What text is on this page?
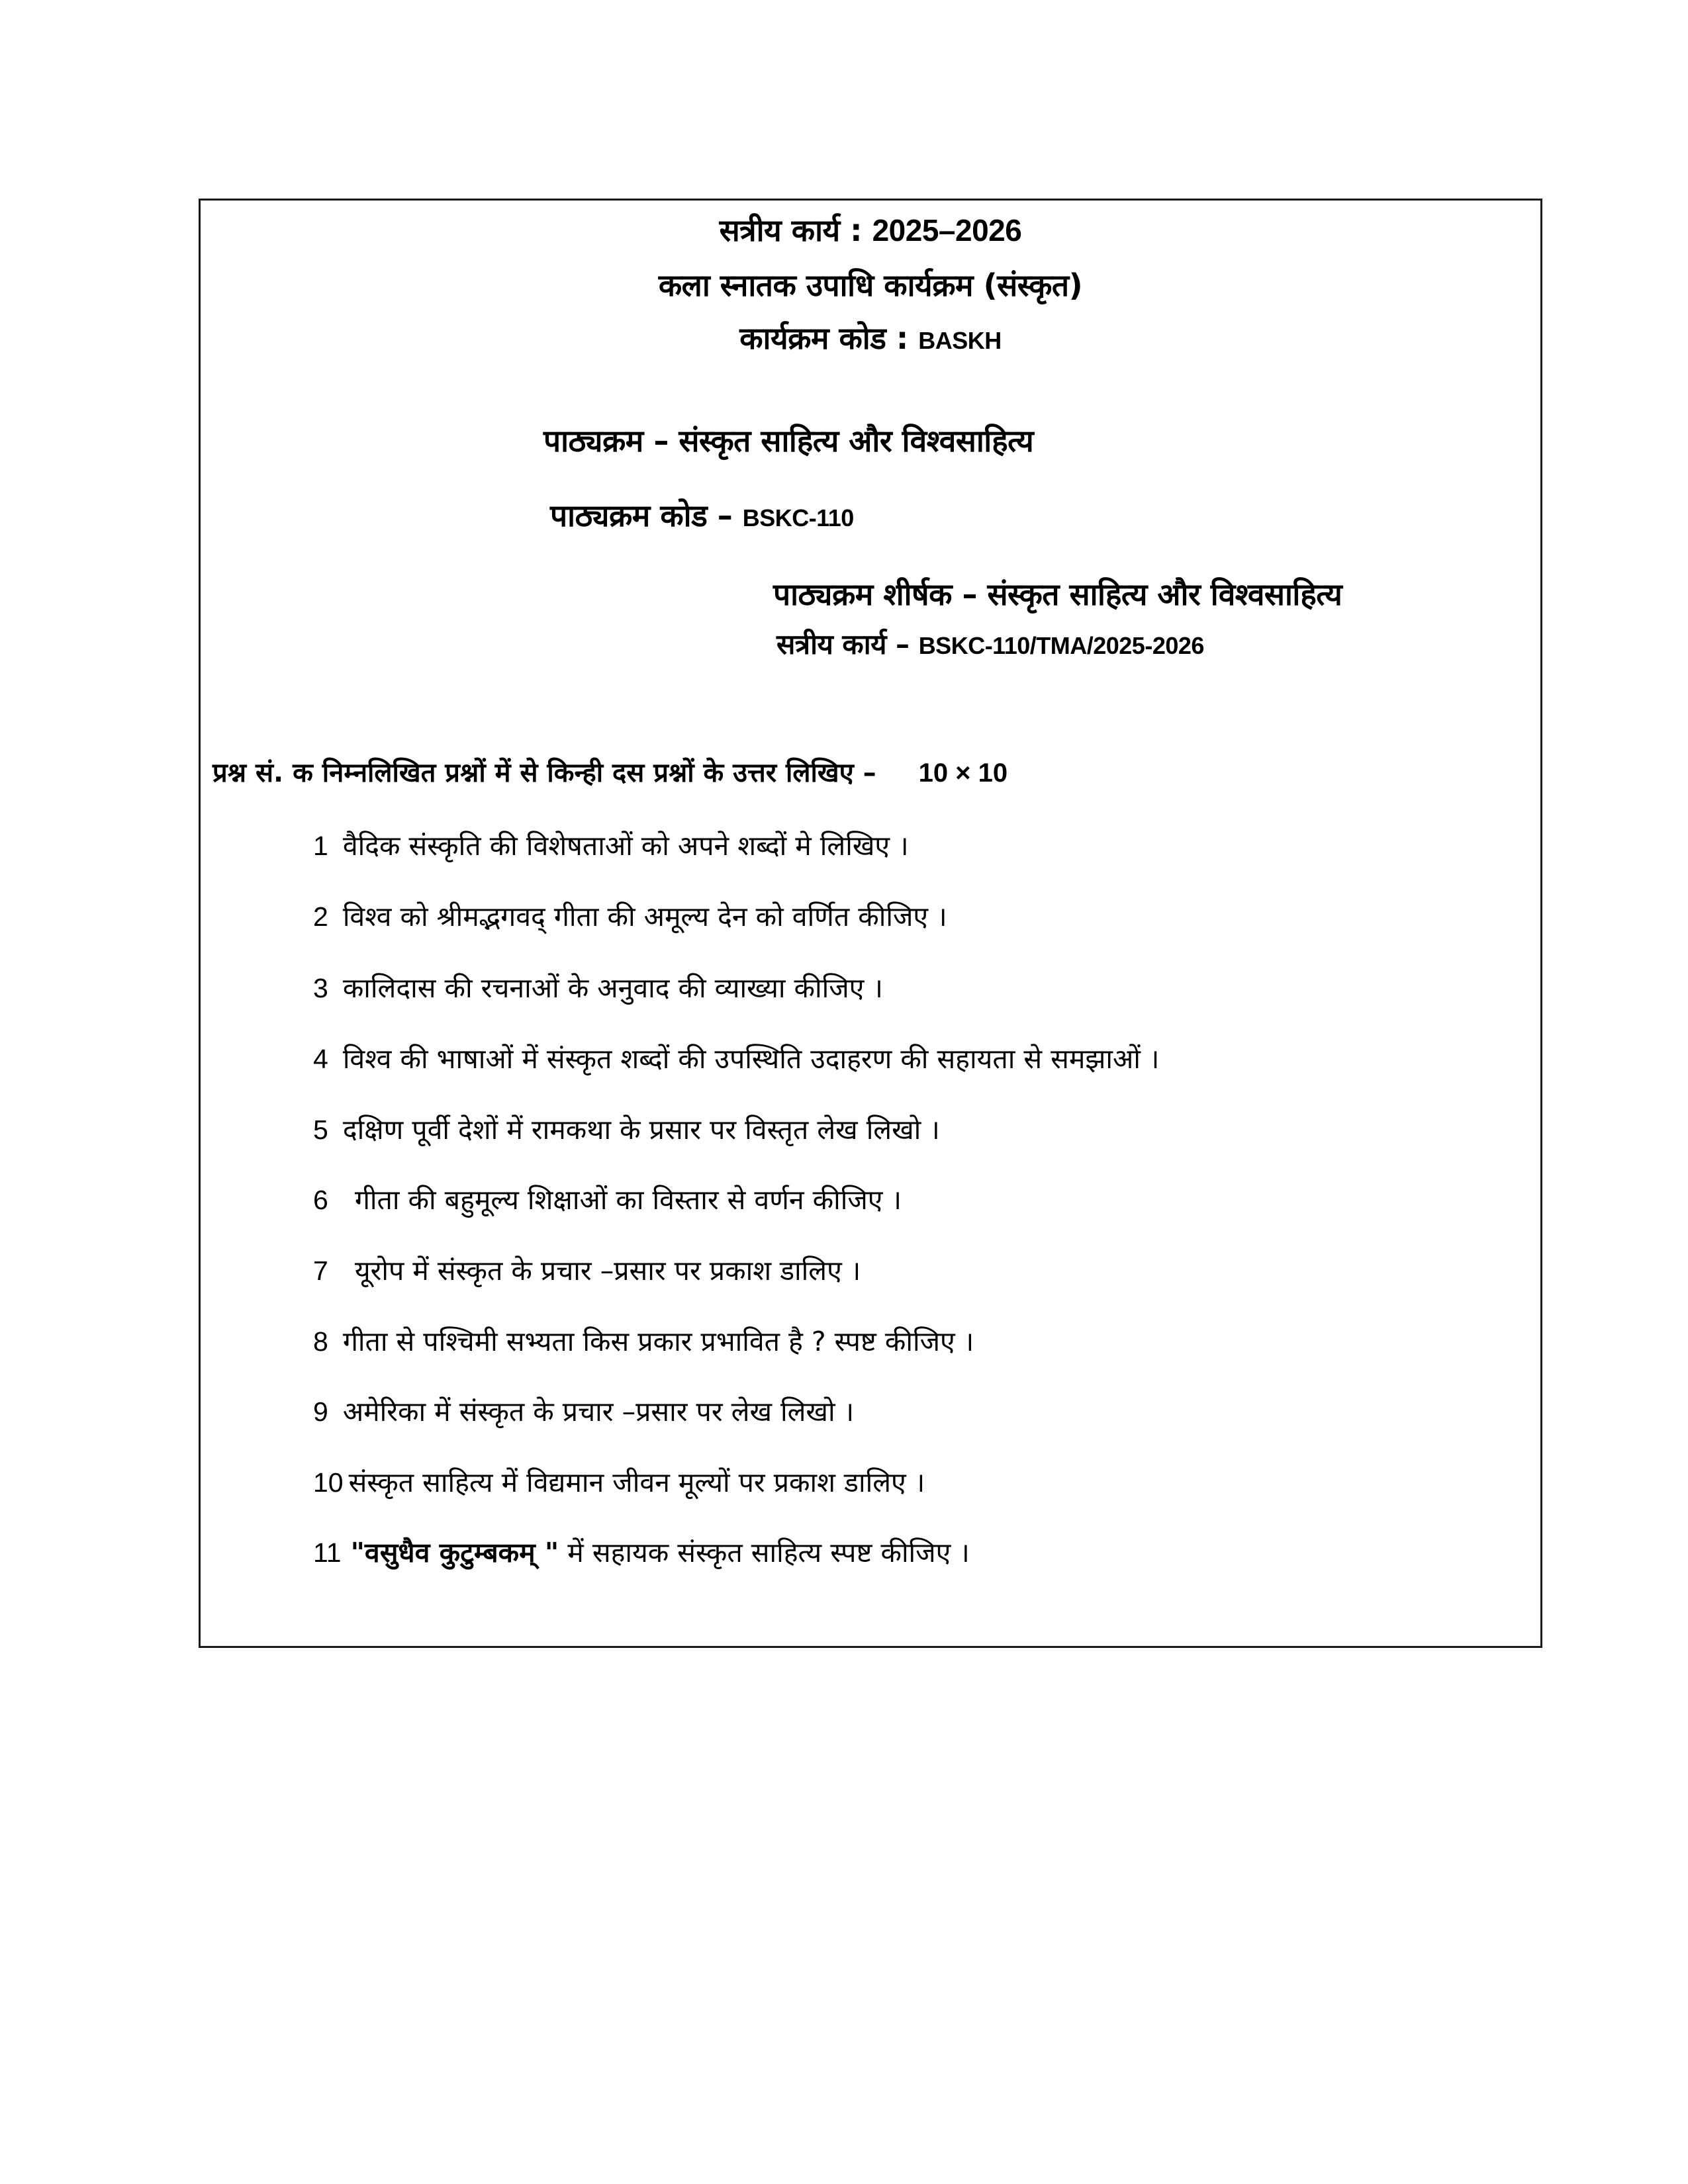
सत्रीय कार्य : 2025–2026
कला स्नातक उपाधि कार्यक्रम (संस्कृत)
कार्यक्रम कोड : BASKH
पाठ्यक्रम – संस्कृत साहित्य और विश्वसाहित्य
पाठ्यक्रम कोड – BSKC-110
पाठ्यक्रम शीर्षक – संस्कृत साहित्य और विश्वसाहित्य
सत्रीय कार्य – BSKC-110/TMA/2025-2026
प्रश्न सं. क निम्नलिखित प्रश्नों में से किन्ही दस प्रश्नों के उत्तर लिखिए – 10 × 10
1 वैदिक संस्कृति की विशेषताओं को अपने शब्दों मे लिखिए ।
2 विश्व को श्रीमद्भगवद् गीता की अमूल्य देन को वर्णित कीजिए ।
3 कालिदास की रचनाओं के अनुवाद की व्याख्या कीजिए ।
4 विश्व की भाषाओं में संस्कृत शब्दों की उपस्थिति उदाहरण की सहायता से समझाओं ।
5 दक्षिण पूर्वी देशों में रामकथा के प्रसार पर विस्तृत लेख लिखो ।
6 गीता की बहुमूल्य शिक्षाओं का विस्तार से वर्णन कीजिए ।
7 यूरोप में संस्कृत के प्रचार –प्रसार पर प्रकाश डालिए ।
8 गीता से पश्चिमी सभ्यता किस प्रकार प्रभावित है ? स्पष्ट कीजिए ।
9 अमेरिका में संस्कृत के प्रचार –प्रसार पर लेख लिखो ।
10 संस्कृत साहित्य में विद्यमान जीवन मूल्यों पर प्रकाश डालिए ।
11 "वसुधैव कुटुम्बकम् " में सहायक संस्कृत साहित्य स्पष्ट कीजिए ।
